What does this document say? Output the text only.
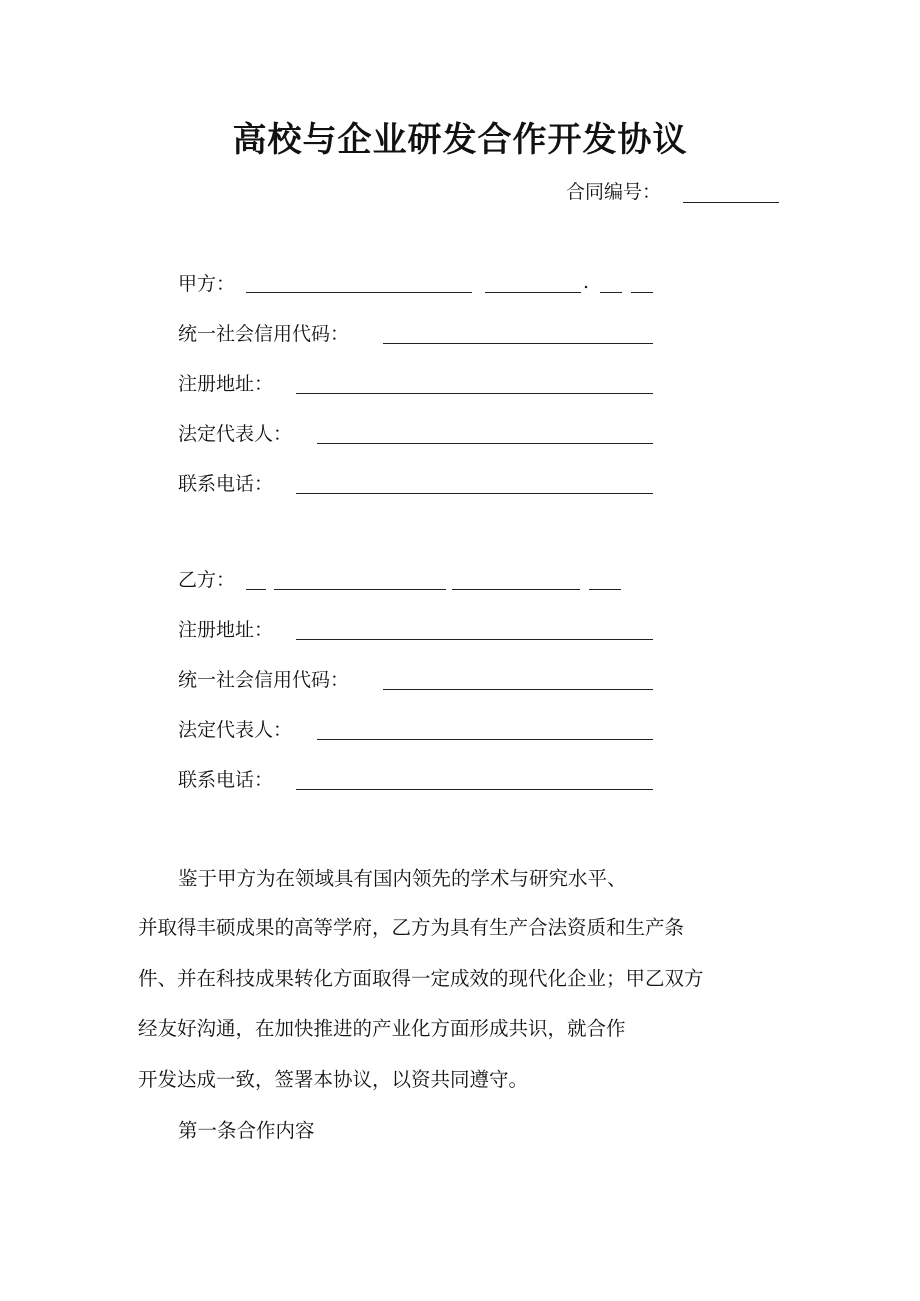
高校与企业研发合作开发协议
合同编号：
甲方：	.
统一社会信用代码：
注册地址：
法定代表人：
联系电话：
乙方：
注册地址：
统一社会信用代码：
法定代表人：
联系电话：
鉴于甲方为在领域具有国内领先的学术与研究水平、
并取得丰硕成果的高等学府，乙方为具有生产合法资质和生产条
件、并在科技成果转化方面取得一定成效的现代化企业；甲乙双方
经友好沟通，在加快推进的产业化方面形成共识，就合作
开发达成一致，签署本协议，以资共同遵守。
第一条合作内容
